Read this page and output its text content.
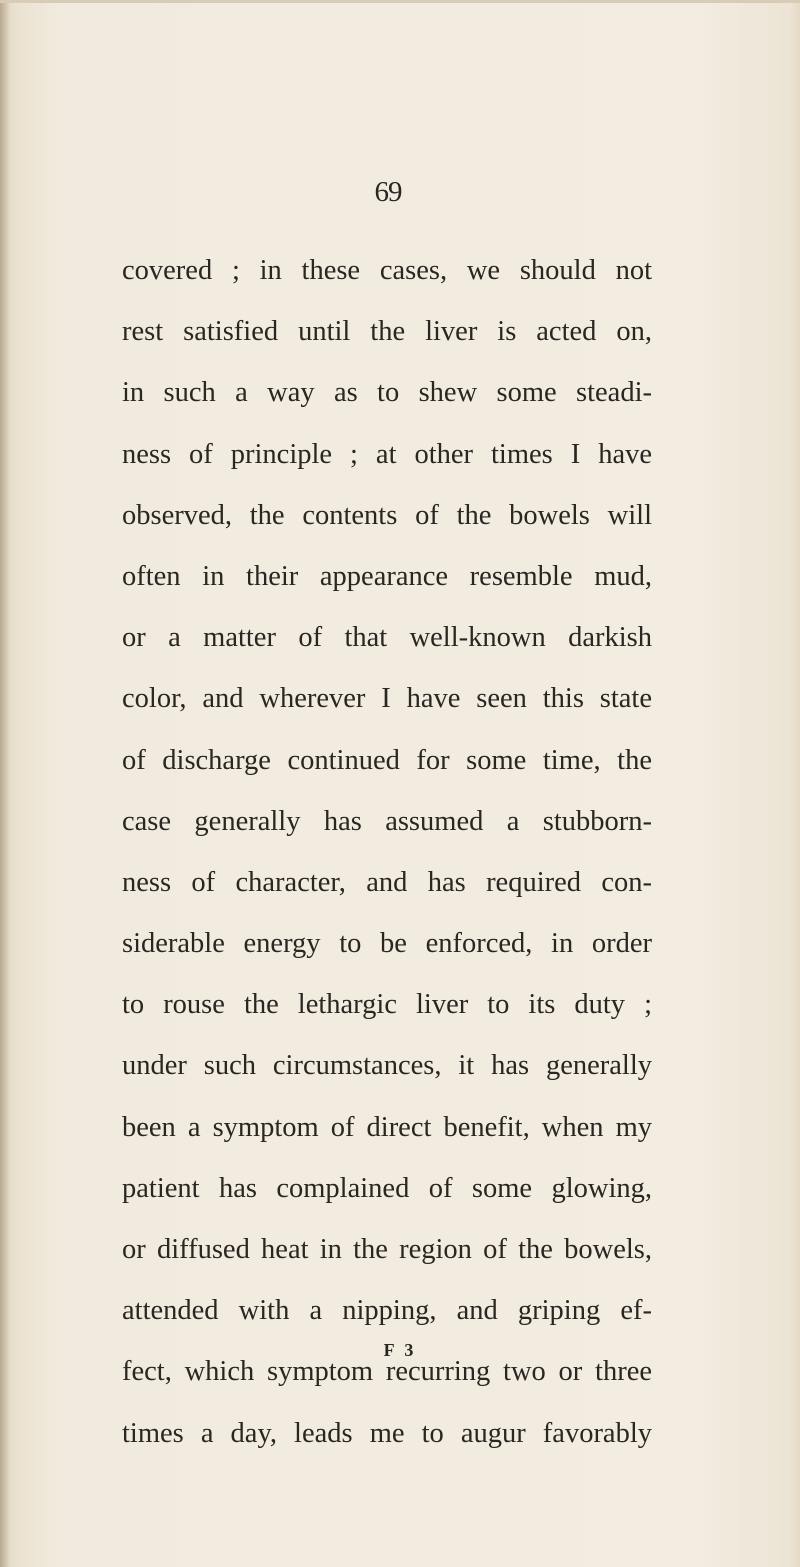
69
covered ; in these cases, we should not
rest satisfied until the liver is acted on,
in such a way as to shew some steadi-
ness of principle ; at other times I have
observed, the contents of the bowels will
often in their appearance resemble mud,
or a matter of that well-known darkish
color, and wherever I have seen this state
of discharge continued for some time, the
case generally has assumed a stubborn-
ness of character, and has required con-
siderable energy to be enforced, in order
to rouse the lethargic liver to its duty ;
under such circumstances, it has generally
been a symptom of direct benefit, when my
patient has complained of some glowing,
or diffused heat in the region of the bowels,
attended with a nipping, and griping ef-
fect, which symptom recurring two or three
times a day, leads me to augur favorably
F 3
